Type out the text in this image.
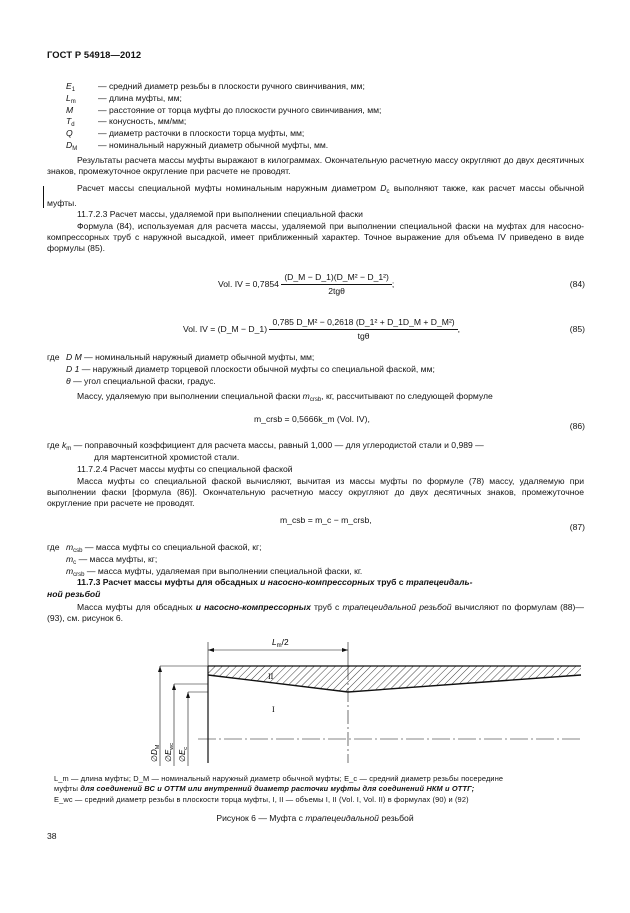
ГОСТ Р 54918—2012
$E_1$	— средний диаметр резьбы в плоскости ручного свинчивания, мм;
$L_m$	— длина муфты, мм;
M	— расстояние от торца муфты до плоскости ручного свинчивания, мм;
$T_d$	— конусность, мм/мм;
Q	— диаметр расточки в плоскости торца муфты, мм;
$D_M$ — номинальный наружный диаметр обычной муфты, мм.
Результаты расчета массы муфты выражают в килограммах. Окончательную расчетную массу округляют до двух десятичных знаков, промежуточное округление при расчете не проводят.
Расчет массы специальной муфты номинальным наружным диаметром $D_c$ выполняют также, как расчет массы обычной муфты.
11.7.2.3 Расчет массы, удаляемой при выполнении специальной фаски
Формула (84), используемая для расчета массы, удаляемой при выполнении специальной фаски на муфтах для насосно-компрессорных труб с наружной высадкой, имеет приближенный характер. Точное выражение для объема IV приведено в виде формулы (85).
Vol. IV = $0,7854 \frac{\text{(D\_M − D\_1)(D\_M² − D\_1²)}}{\text{2tgθ}}$ ;	(84)
Vol. IV = (D_M − D_1) $\frac{\text{0,785 D\_M² − 0,2618 (D\_1² + D\_1D\_M + D\_M²)}}{\text{tgθ}}$ ,	(85)
где D M — номинальный наружный диаметр обычной муфты, мм;
D 1 — наружный диаметр торцевой плоскости обычной муфты со специальной фаской, мм;
θ — угол специальной фаски, градус.
Массу, удаляемую при выполнении специальной фаски $m_{crsb}$, кг, рассчитывают по следующей формуле
m_crsb = 0,5666k_m (Vol. IV),
(86)
где $k_m$ — поправочный коэффициент для расчета массы, равный 1,000 — для углеродистой стали и 0,989 —
для мартенситной хромистой стали.
11.7.2.4 Расчет массы муфты со специальной фаской
Масса муфты со специальной фаской вычисляют, вычитая из массы муфты по формуле (78) массу, удаляемую при выполнении фаски [формула (86)]. Окончательную расчетную массу округляют до двух десятичных знаков, промежуточное округление при расчете не проводят.
m_csb = m_c − m_crsb,
(87)
где $m_{csb}$ — масса муфты со специальной фаской, кг;
$m_c$ — масса муфты, кг;
$m_{crsb}$ — масса муфты, удаляемая при выполнении специальной фаски, кг.
11.7.3 Расчет массы муфты для обсадных и насосно-компрессорных труб с трапецеидаль-
ной резьбой
Масса муфты для обсадных и насосно-компрессорных труб с трапецеидальной резьбой вычисляют по формулам (88)—(93), см. рисунок 6.
$L_m/2$
II
I
$\emptyset D_M$
$\emptyset E_{wc}$
$\emptyset E_c$
L_m — длина муфты; D_M — номинальный наружный диаметр обычной муфты; E_c — средний диаметр резьбы посередине
муфты для соединений ВС и ОТТМ или внутренний диаметр расточки муфты для соединений НКМ и ОТТГ;
E_wc — средний диаметр резьбы в плоскости торца муфты, I, II — объемы I, II (Vol. I, Vol. II) в формулах (90) и (92)
Рисунок 6 — Муфта с трапецеидальной резьбой
38
